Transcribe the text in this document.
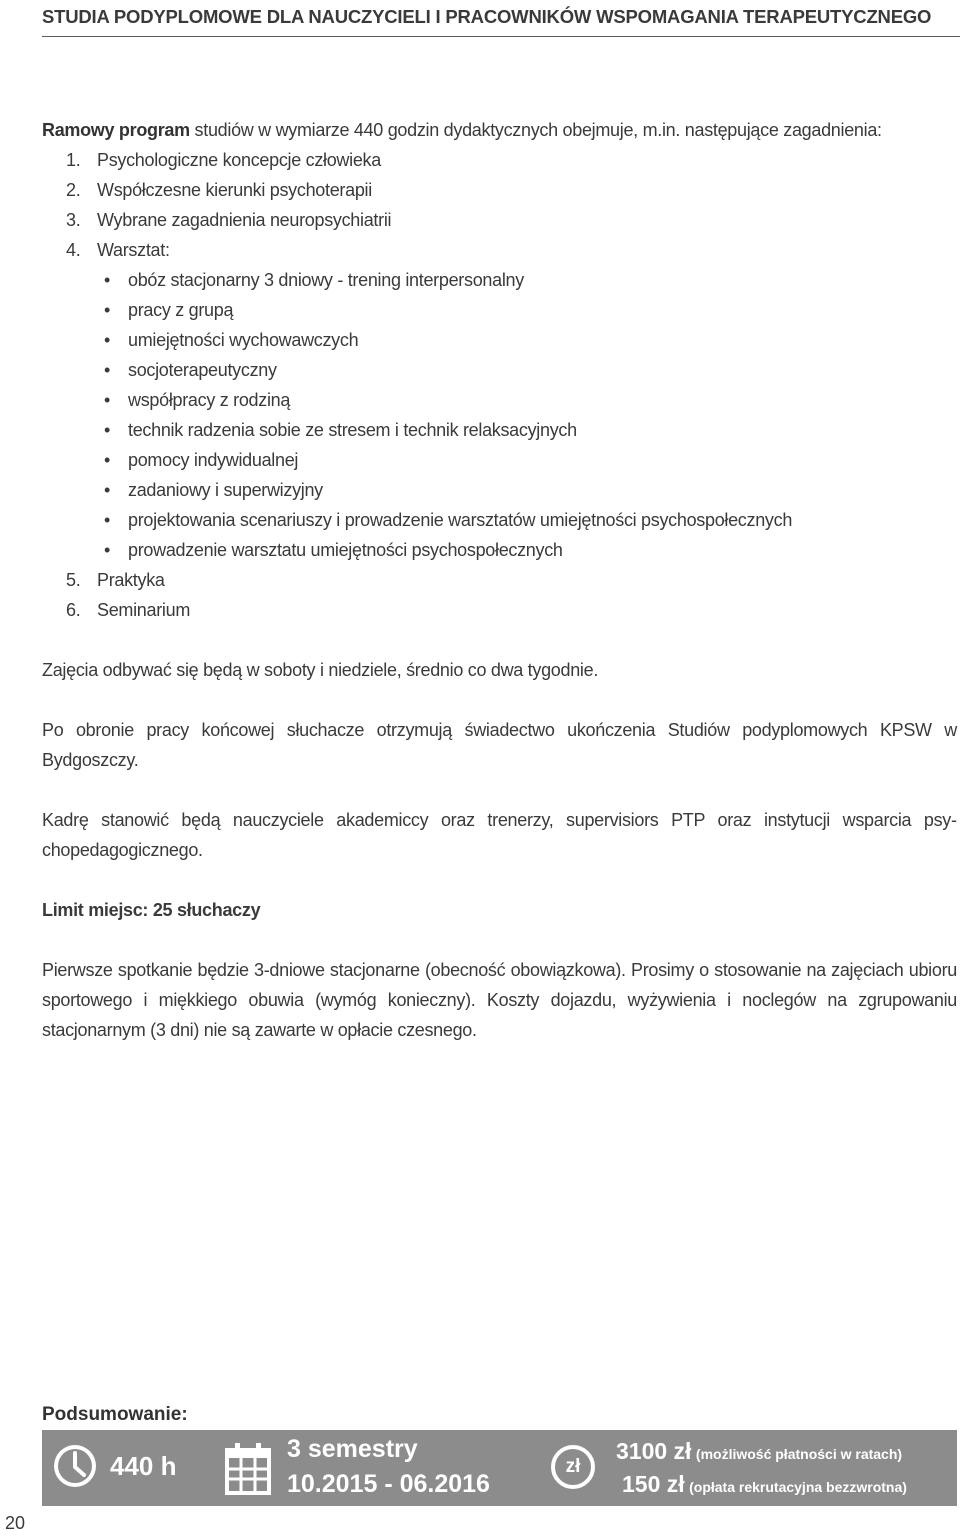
STUDIA PODYPLOMOWE DLA NAUCZYCIELI I PRACOWNIKÓW WSPOMAGANIA TERAPEUTYCZNEGO

Ramowy program studiów w wymiarze 440 godzin dydaktycznych obejmuje, m.in. następujące zagadnienia:

1. Psychologiczne koncepcje człowieka
2. Współczesne kierunki psychoterapii
3. Wybrane zagadnienia neuropsychiatrii
4. Warsztat:
• obóz stacjonarny 3 dniowy - trening interpersonalny
• pracy z grupą
• umiejętności wychowawczych
• socjoterapeutyczny
• współpracy z rodziną
• technik radzenia sobie ze stresem i technik relaksacyjnych
• pomocy indywidualnej
• zadaniowy i superwizyjny
• projektowania scenariuszy i prowadzenie warsztatów umiejętności psychospołecznych
• prowadzenie warsztatu umiejętności psychospołecznych
5. Praktyka
6. Seminarium

Zajęcia odbywać się będą w soboty i niedziele, średnio co dwa tygodnie.

Po obronie pracy końcowej słuchacze otrzymują świadectwo ukończenia Studiów podyplomowych KPSW w Bydgoszczy.

Kadrę stanowić będą nauczyciele akademiccy oraz trenerzy, supervisiors PTP oraz instytucji wsparcia psychopedagogicznego.

Limit miejsc: 25 słuchaczy

Pierwsze spotkanie będzie 3-dniowe stacjonarne (obecność obowiązkowa). Prosimy o stosowanie na zajęciach ubioru sportowego i miękkiego obuwia (wymóg konieczny). Koszty dojazdu, wyżywienia i noclegów na zgrupowaniu stacjonarnym (3 dni) nie są zawarte w opłacie czesnego.

Podsumowanie:
440 h
3 semestry
10.2015 - 06.2016
zł
3100 zł (możliwość płatności w ratach)
150 zł (opłata rekrutacyjna bezzwrotna)
20
